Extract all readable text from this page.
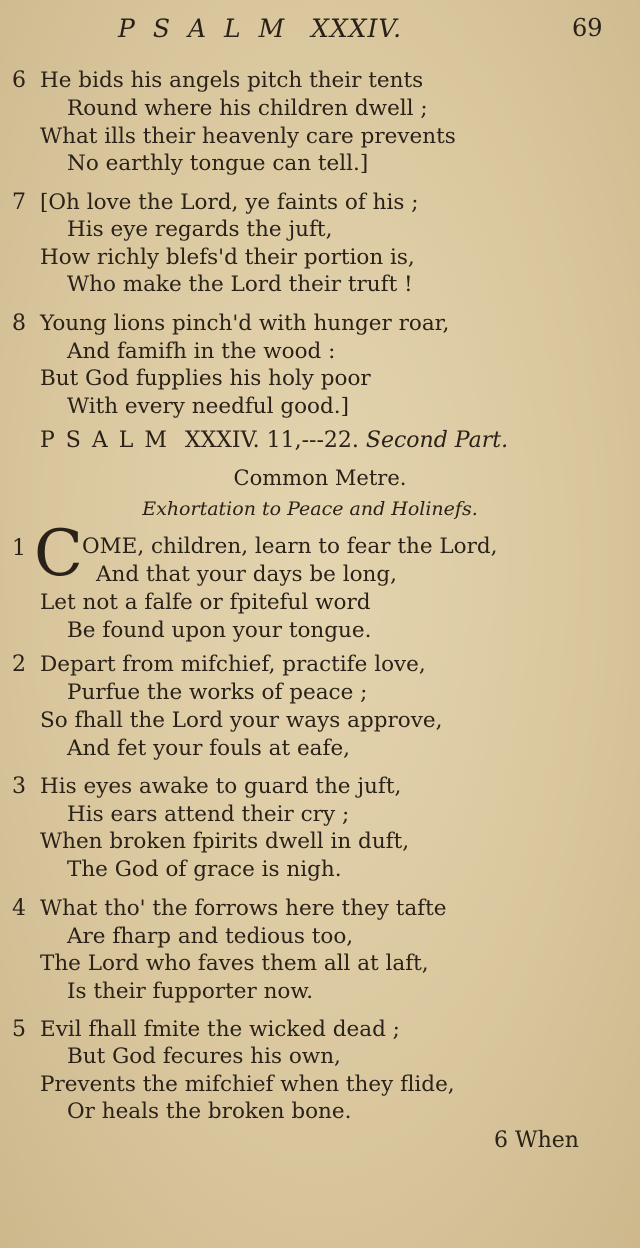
PSALM XXXIV.	69
6 He bids his angels pitch their tents
Round where his children dwell ;
What ills their heavenly care prevents
No earthly tongue can tell.]
7 [Oh love the Lord, ye faints of his ;
His eye regards the juft,
How richly blefs'd their portion is,
Who make the Lord their truft !
8 Young lions pinch'd with hunger roar,
And famifh in the wood :
But God fupplies his holy poor
With every needful good.]
PSALM XXXIV. 11,---22. Second Part.
Common Metre.
Exhortation to Peace and Holinefs.
1 C OME, children, learn to fear the Lord,
And that your days be long,
Let not a falfe or fpiteful word
Be found upon your tongue.
2 Depart from mifchief, practife love,
Purfue the works of peace ;
So fhall the Lord your ways approve,
And fet your fouls at eafe,
3 His eyes awake to guard the juft,
His ears attend their cry ;
When broken fpirits dwell in duft,
The God of grace is nigh.
4 What tho' the forrows here they tafte
Are fharp and tedious too,
The Lord who faves them all at laft,
Is their fupporter now.
5 Evil fhall fmite the wicked dead ;
But God fecures his own,
Prevents the mifchief when they flide,
Or heals the broken bone.
6 When
